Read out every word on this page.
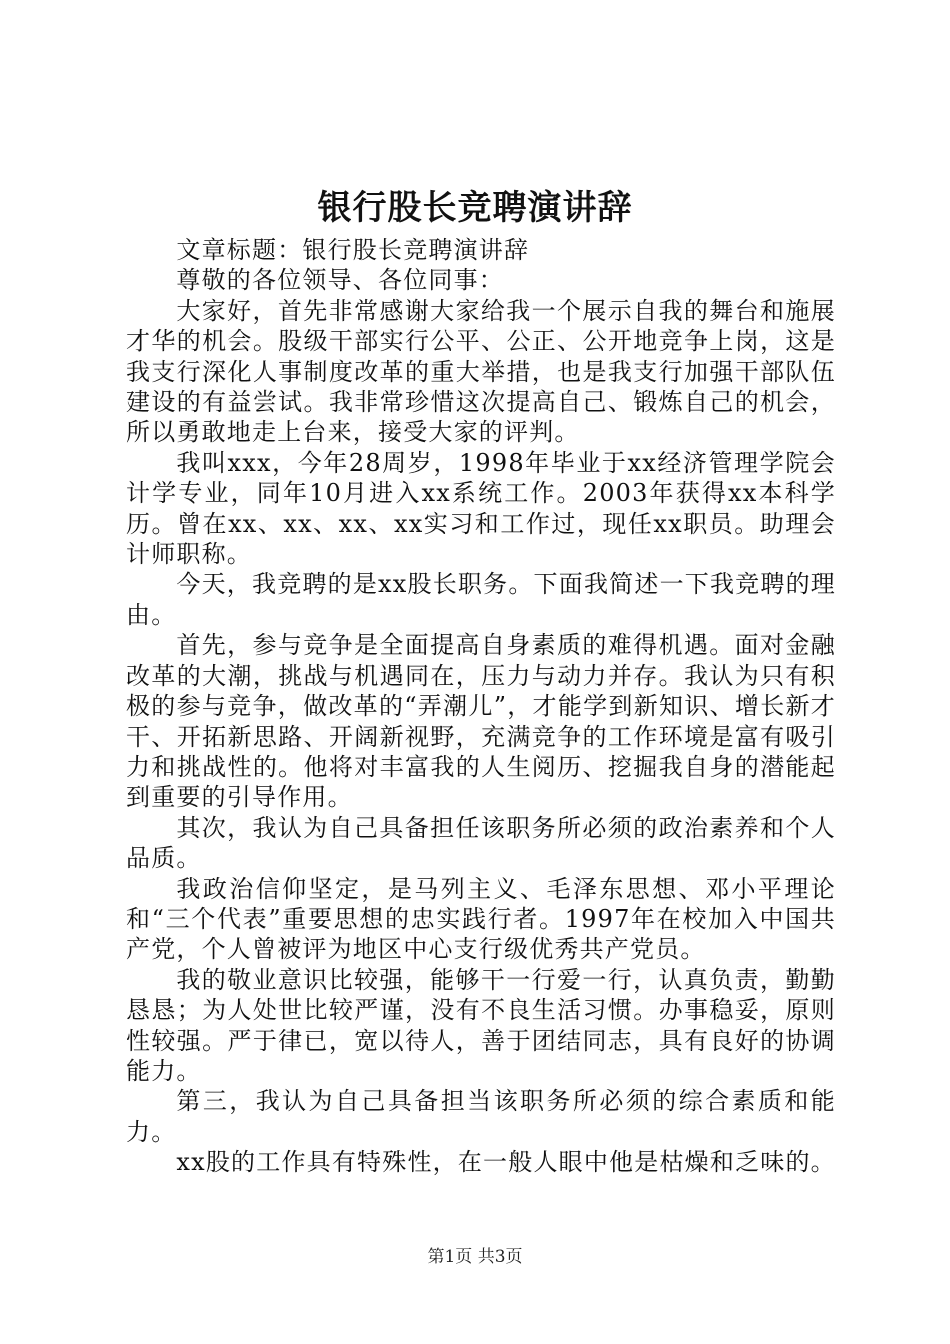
银行股长竞聘演讲辞

文章标题：银行股长竞聘演讲辞

尊敬的各位领导、各位同事：

大家好，首先非常感谢大家给我一个展示自我的舞台和施展才华的机会。股级干部实行公平、公正、公开地竞争上岗，这是我支行深化人事制度改革的重大举措，也是我支行加强干部队伍建设的有益尝试。我非常珍惜这次提高自己、锻炼自己的机会，所以勇敢地走上台来，接受大家的评判。

我叫xxx，今年28周岁，1998年毕业于xx经济管理学院会计学专业，同年10月进入xx系统工作。2003年获得xx本科学历。曾在xx、xx、xx、xx实习和工作过，现任xx职员。助理会计师职称。

今天，我竞聘的是xx股长职务。下面我简述一下我竞聘的理由。

首先，参与竞争是全面提高自身素质的难得机遇。面对金融改革的大潮，挑战与机遇同在，压力与动力并存。我认为只有积极的参与竞争，做改革的“弄潮儿”，才能学到新知识、增长新才干、开拓新思路、开阔新视野，充满竞争的工作环境是富有吸引力和挑战性的。他将对丰富我的人生阅历、挖掘我自身的潜能起到重要的引导作用。

其次，我认为自己具备担任该职务所必须的政治素养和个人品质。

我政治信仰坚定，是马列主义、毛泽东思想、邓小平理论和“三个代表”重要思想的忠实践行者。1997年在校加入中国共产党，个人曾被评为地区中心支行级优秀共产党员。

我的敬业意识比较强，能够干一行爱一行，认真负责，勤勤恳恳；为人处世比较严谨，没有不良生活习惯。办事稳妥，原则性较强。严于律已，宽以待人，善于团结同志，具有良好的协调能力。

第三，我认为自己具备担当该职务所必须的综合素质和能力。

xx股的工作具有特殊性，在一般人眼中他是枯燥和乏味的。

第1页 共3页
